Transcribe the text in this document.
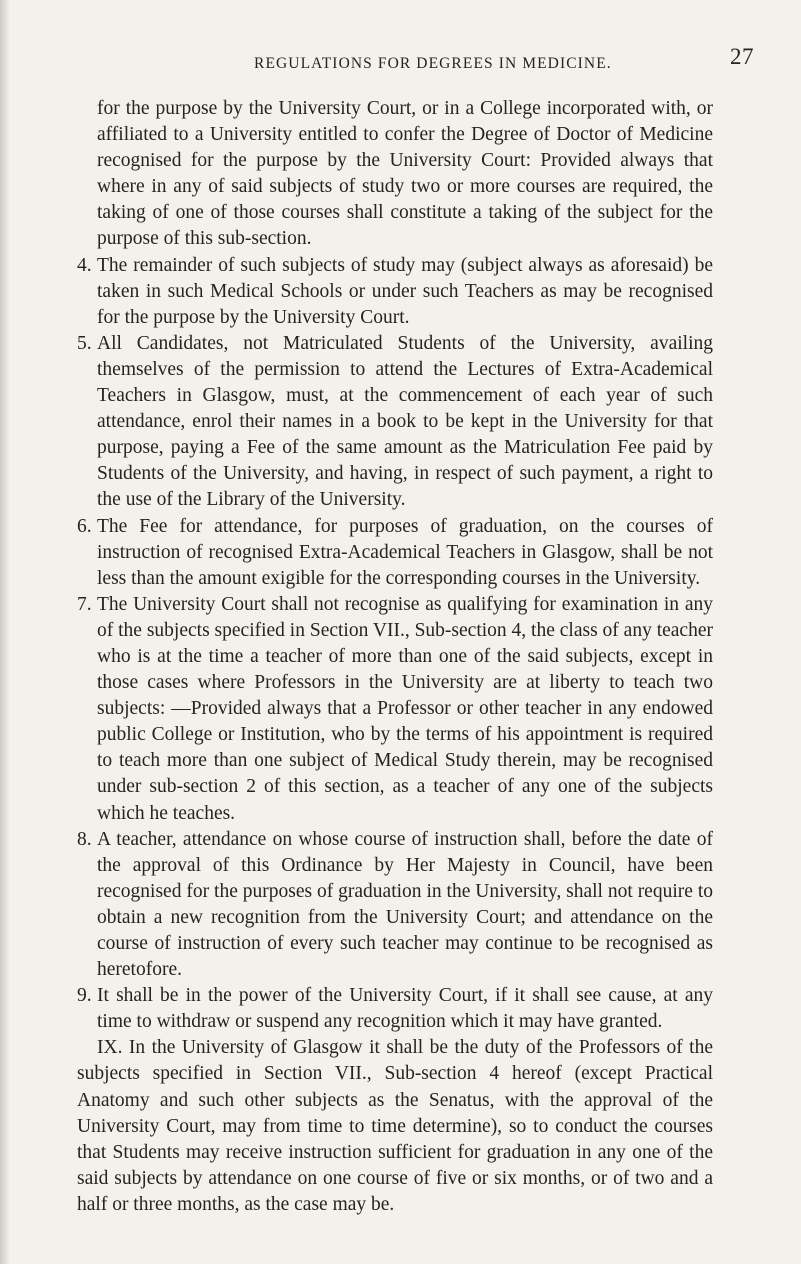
REGULATIONS FOR DEGREES IN MEDICINE.	27

for the purpose by the University Court, or in a College incorporated with, or affiliated to a University entitled to confer the Degree of Doctor of Medicine recognised for the purpose by the University Court: Provided always that where in any of said subjects of study two or more courses are required, the taking of one of those courses shall constitute a taking of the subject for the purpose of this sub-section.

4. The remainder of such subjects of study may (subject always as aforesaid) be taken in such Medical Schools or under such Teachers as may be recognised for the purpose by the University Court.
5. All Candidates, not Matriculated Students of the University, availing themselves of the permission to attend the Lectures of Extra-Academical Teachers in Glasgow, must, at the commencement of each year of such attendance, enrol their names in a book to be kept in the University for that purpose, paying a Fee of the same amount as the Matriculation Fee paid by Students of the University, and having, in respect of such payment, a right to the use of the Library of the University.
6. The Fee for attendance, for purposes of graduation, on the courses of instruction of recognised Extra-Academical Teachers in Glasgow, shall be not less than the amount exigible for the corresponding courses in the University.
7. The University Court shall not recognise as qualifying for examination in any of the subjects specified in Section VII., Sub-section 4, the class of any teacher who is at the time a teacher of more than one of the said subjects, except in those cases where Professors in the University are at liberty to teach two subjects: —Provided always that a Professor or other teacher in any endowed public College or Institution, who by the terms of his appointment is required to teach more than one subject of Medical Study therein, may be recognised under sub-section 2 of this section, as a teacher of any one of the subjects which he teaches.
8. A teacher, attendance on whose course of instruction shall, before the date of the approval of this Ordinance by Her Majesty in Council, have been recognised for the purposes of graduation in the University, shall not require to obtain a new recognition from the University Court; and attendance on the course of instruction of every such teacher may continue to be recognised as heretofore.
9. It shall be in the power of the University Court, if it shall see cause, at any time to withdraw or suspend any recognition which it may have granted.

IX. In the University of Glasgow it shall be the duty of the Professors of the subjects specified in Section VII., Sub-section 4 hereof (except Practical Anatomy and such other subjects as the Senatus, with the approval of the University Court, may from time to time determine), so to conduct the courses that Students may receive instruction sufficient for graduation in any one of the said subjects by attendance on one course of five or six months, or of two and a half or three months, as the case may be.
